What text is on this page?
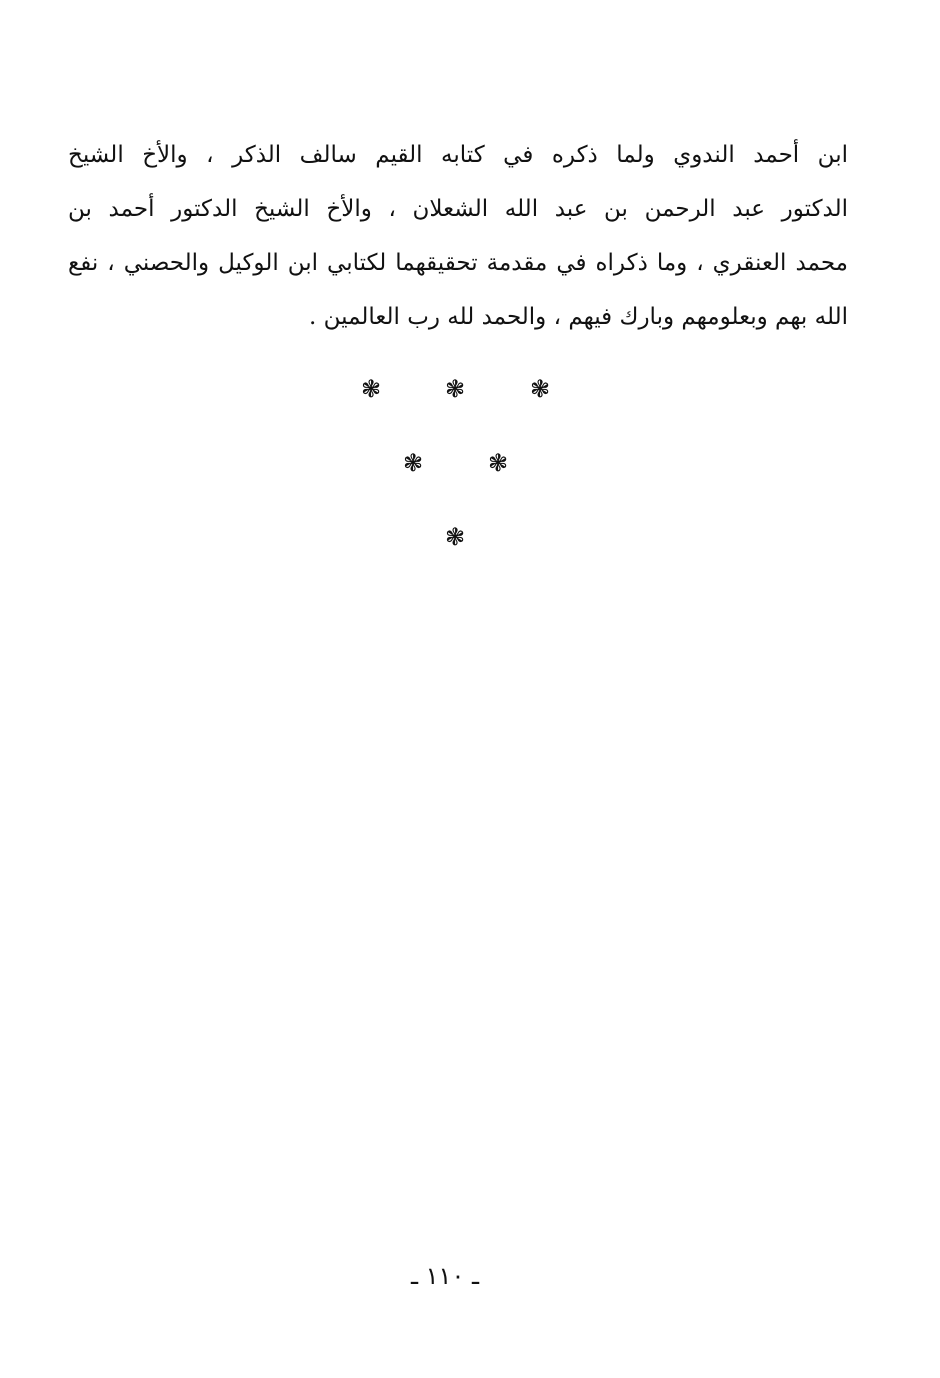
ابن أحمد الندوي ولما ذكره في كتابه القيم سالف الذكر ، والأخ الشيخ
الدكتور عبد الرحمن بن عبد الله الشعلان ، والأخ الشيخ الدكتور أحمد بن
محمد العنقري ، وما ذكراه في مقدمة تحقيقهما لكتابي ابن الوكيل والحصني ، نفع
الله بهم وبعلومهم وبارك فيهم ، والحمد لله رب العالمين .
❃	❃	❃
❃	❃
❃
ـ ١١٠ ـ
